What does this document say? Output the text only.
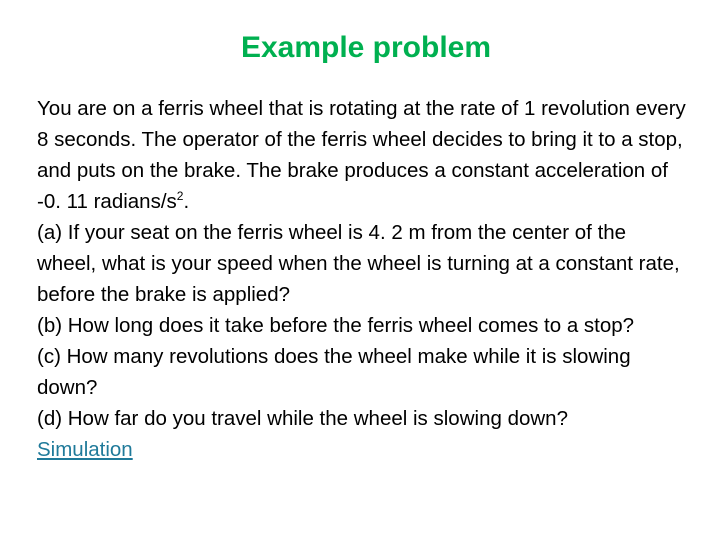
Example problem

You are on a ferris wheel that is rotating at the rate of 1 revolution every 8 seconds. The operator of the ferris wheel decides to bring it to a stop, and puts on the brake. The brake produces a constant acceleration of -0. 11 radians/$s^2$.

(a) If your seat on the ferris wheel is 4. 2 m from the center of the wheel, what is your speed when the wheel is turning at a constant rate, before the brake is applied?

(b) How long does it take before the ferris wheel comes to a stop?

(c) How many revolutions does the wheel make while it is slowing down?

(d) How far do you travel while the wheel is slowing down?

Simulation
